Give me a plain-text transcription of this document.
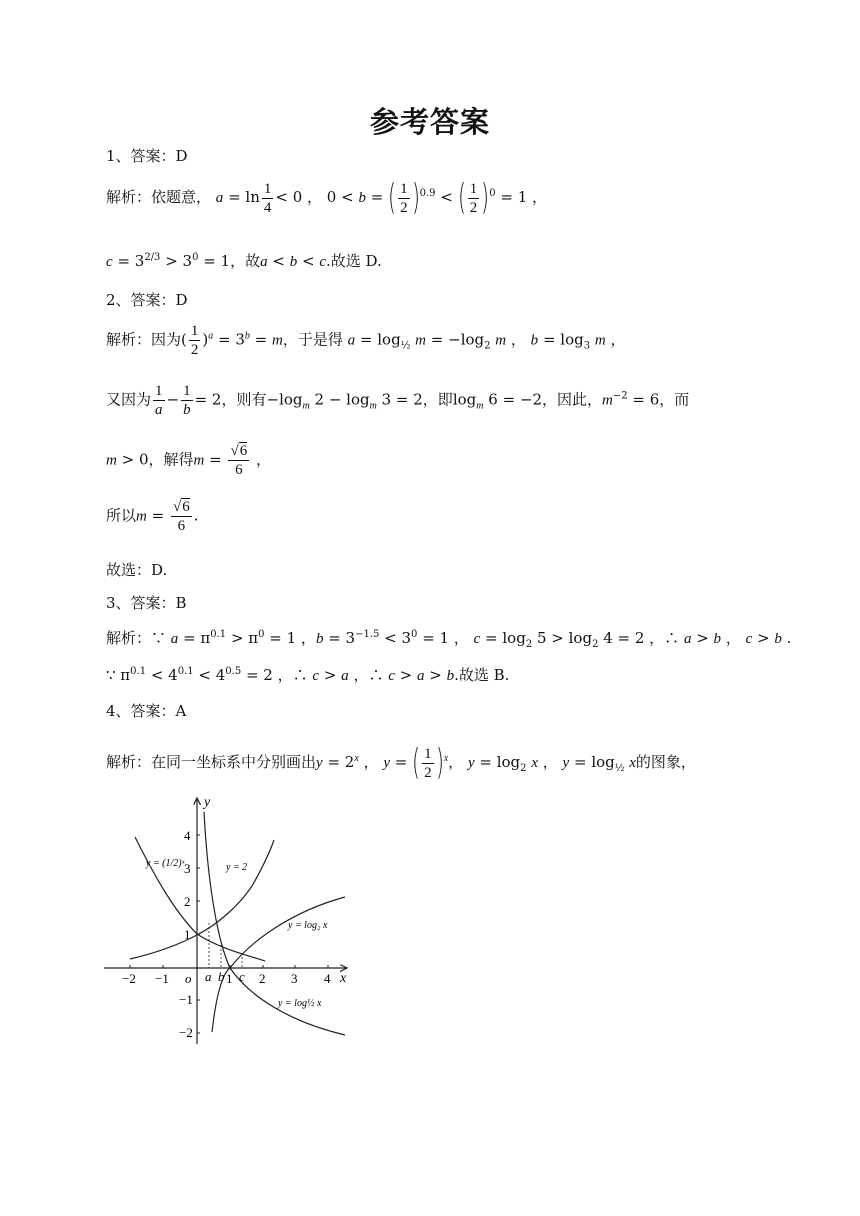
参考答案
1、答案：D
解析：依题意， $a = \ln \frac{1}{4} < 0$ ， 0 < b = ( $\frac{1}{2} )^{0.9}$ < ( $\frac{1}{2} )^0 = 1$ ，
$c = 3^{2/3} > 3^0 = 1$，故a < b < c.故选 D.
2、答案：D
解析：因为( $\frac{1}{2} )^a = 3^b = m$，于是得 $a = \log_{\frac{1}{2}} m = -\log_2$ m ， $b = \log_3 m$ ，
又因为 $\frac{1}{a} - \frac{1}{b} = 2$，则有$-\log_m$ $2 - \log_m 3 = 2$，即$\log_m 6 = -2$，因此，$m^{-2} = 6$，而
m > 0，解得$m = \frac{√6}{6}$ ，
所以$m = \frac{√6}{6}$ .
故选：D.
3、答案：B
解析：∵ $a = \pi^{0.1} > \pi^0 = 1$ ，$b = 3^{-1.5} < 3^0 = 1$ ， $c = \log_2 5 > \log_2 4 = 2$ ，∴ a > b ， c > b .
∵ $\pi^{0.1} < 4^{0.1} < 4^{0.5} = 2$ ，∴ c > a ，∴ c > a > b.故选 B.
4、答案：A
解析：在同一坐标系中分别画出$y = 2^x$ ， y = ( $\frac{1}{2} )^x$， $y = \log_2 x$ ， $y = \log_{\frac{1}{2}} x$的图象，
x
y
−2 −1 o	1 2 3 4
4
3
2
1
−1
−2
a b c
y = (1/2)ˣ	y = 2
y = log₂ x
y = log½ x
